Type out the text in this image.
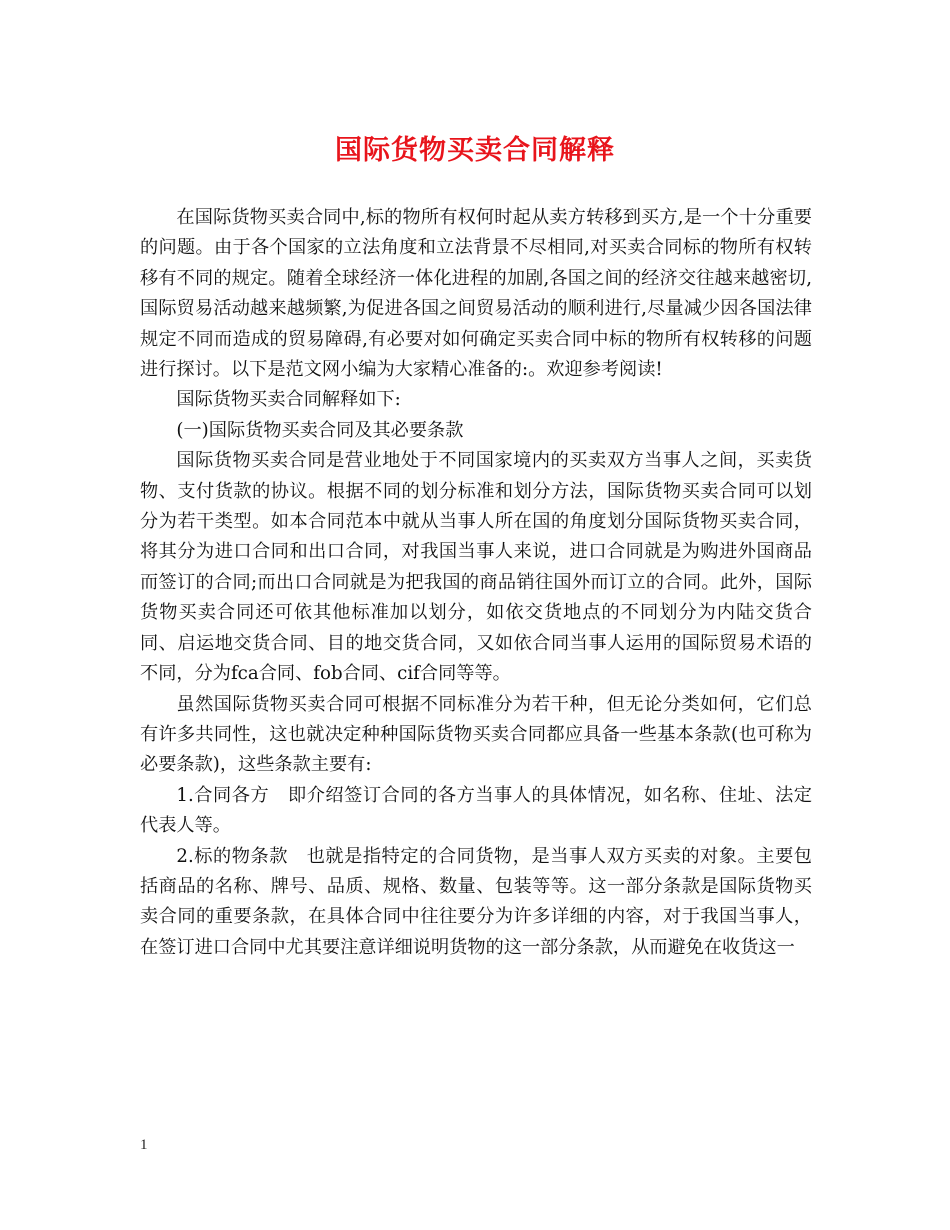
国际货物买卖合同解释

在国际货物买卖合同中,标的物所有权何时起从卖方转移到买方,是一个十分重要的问题。由于各个国家的立法角度和立法背景不尽相同,对买卖合同标的物所有权转移有不同的规定。随着全球经济一体化进程的加剧,各国之间的经济交往越来越密切,国际贸易活动越来越频繁,为促进各国之间贸易活动的顺利进行,尽量减少因各国法律规定不同而造成的贸易障碍,有必要对如何确定买卖合同中标的物所有权转移的问题进行探讨。以下是范文网小编为大家精心准备的:。欢迎参考阅读!

国际货物买卖合同解释如下:

(一)国际货物买卖合同及其必要条款

国际货物买卖合同是营业地处于不同国家境内的买卖双方当事人之间，买卖货物、支付货款的协议。根据不同的划分标准和划分方法，国际货物买卖合同可以划分为若干类型。如本合同范本中就从当事人所在国的角度划分国际货物买卖合同，将其分为进口合同和出口合同，对我国当事人来说，进口合同就是为购进外国商品而签订的合同;而出口合同就是为把我国的商品销往国外而订立的合同。此外，国际货物买卖合同还可依其他标准加以划分，如依交货地点的不同划分为内陆交货合同、启运地交货合同、目的地交货合同，又如依合同当事人运用的国际贸易术语的不同，分为fca合同、fob合同、cif合同等等。

虽然国际货物买卖合同可根据不同标准分为若干种，但无论分类如何，它们总有许多共同性，这也就决定种种国际货物买卖合同都应具备一些基本条款(也可称为必要条款)，这些条款主要有:

1.合同各方　即介绍签订合同的各方当事人的具体情况，如名称、住址、法定代表人等。

2.标的物条款　也就是指特定的合同货物，是当事人双方买卖的对象。主要包括商品的名称、牌号、品质、规格、数量、包装等等。这一部分条款是国际货物买卖合同的重要条款，在具体合同中往往要分为许多详细的内容，对于我国当事人，在签订进口合同中尤其要注意详细说明货物的这一部分条款，从而避免在收货这一

1
